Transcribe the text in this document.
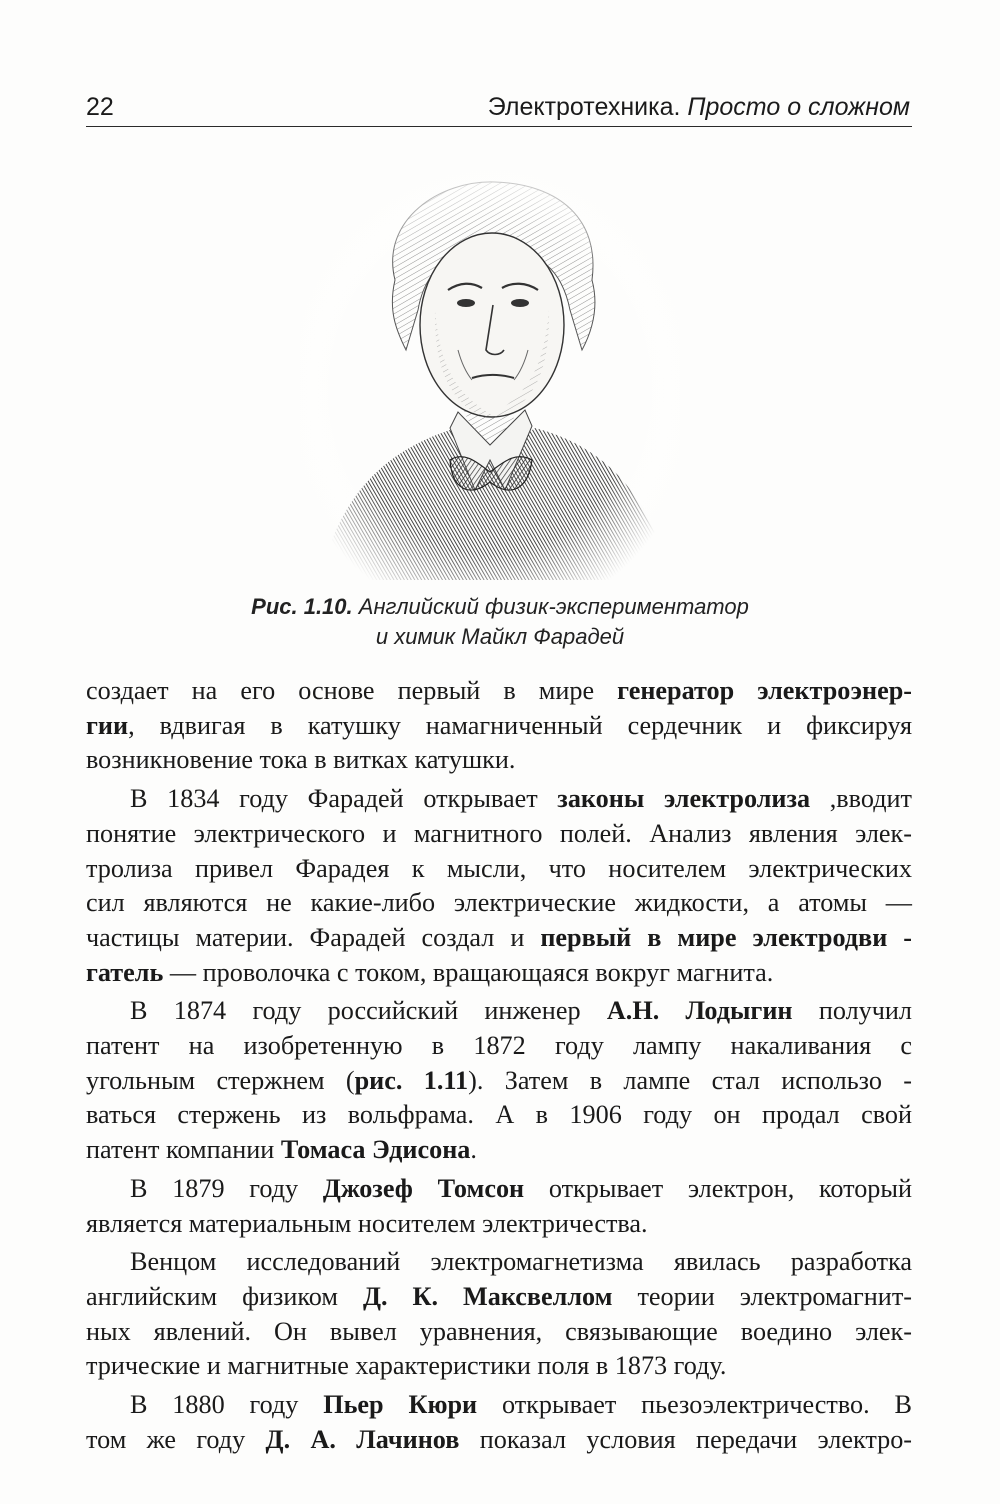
22	Электротехника. Просто о сложном
Рис. 1.10. Английский физик-экспериментатор
и химик Майкл Фарадей

создает на его основе первый в мире генератор электроэнер-
гии, вдвигая в катушку намагниченный сердечник и фиксируя
возникновение тока в витках катушки.

В 1834 году Фарадей открывает законы электролиза ,вводит
понятие электрического и магнитного полей. Анализ явления элек-
тролиза привел Фарадея к мысли, что носителем электрических
сил являются не какие-либо электрические жидкости, а атомы —
частицы материи. Фарадей создал и первый в мире электродви -
гатель — проволочка с током, вращающаяся вокруг магнита.

В 1874 году российский инженер А.Н. Лодыгин получил
патент на изобретенную в 1872 году лампу накаливания с
угольным стержнем (рис. 1.11). Затем в лампе стал использо -
ваться стержень из вольфрама. А в 1906 году он продал свой
патент компании Томаса Эдисона.

В 1879 году Джозеф Томсон открывает электрон, который
является материальным носителем электричества.

Венцом исследований электромагнетизма явилась разработка
английским физиком Д. К. Максвеллом теории электромагнит-
ных явлений. Он вывел уравнения, связывающие воедино элек-
трические и магнитные характеристики поля в 1873 году.

В 1880 году Пьер Кюри открывает пьезоэлектричество. В
том же году Д. А. Лачинов показал условия передачи электро-
